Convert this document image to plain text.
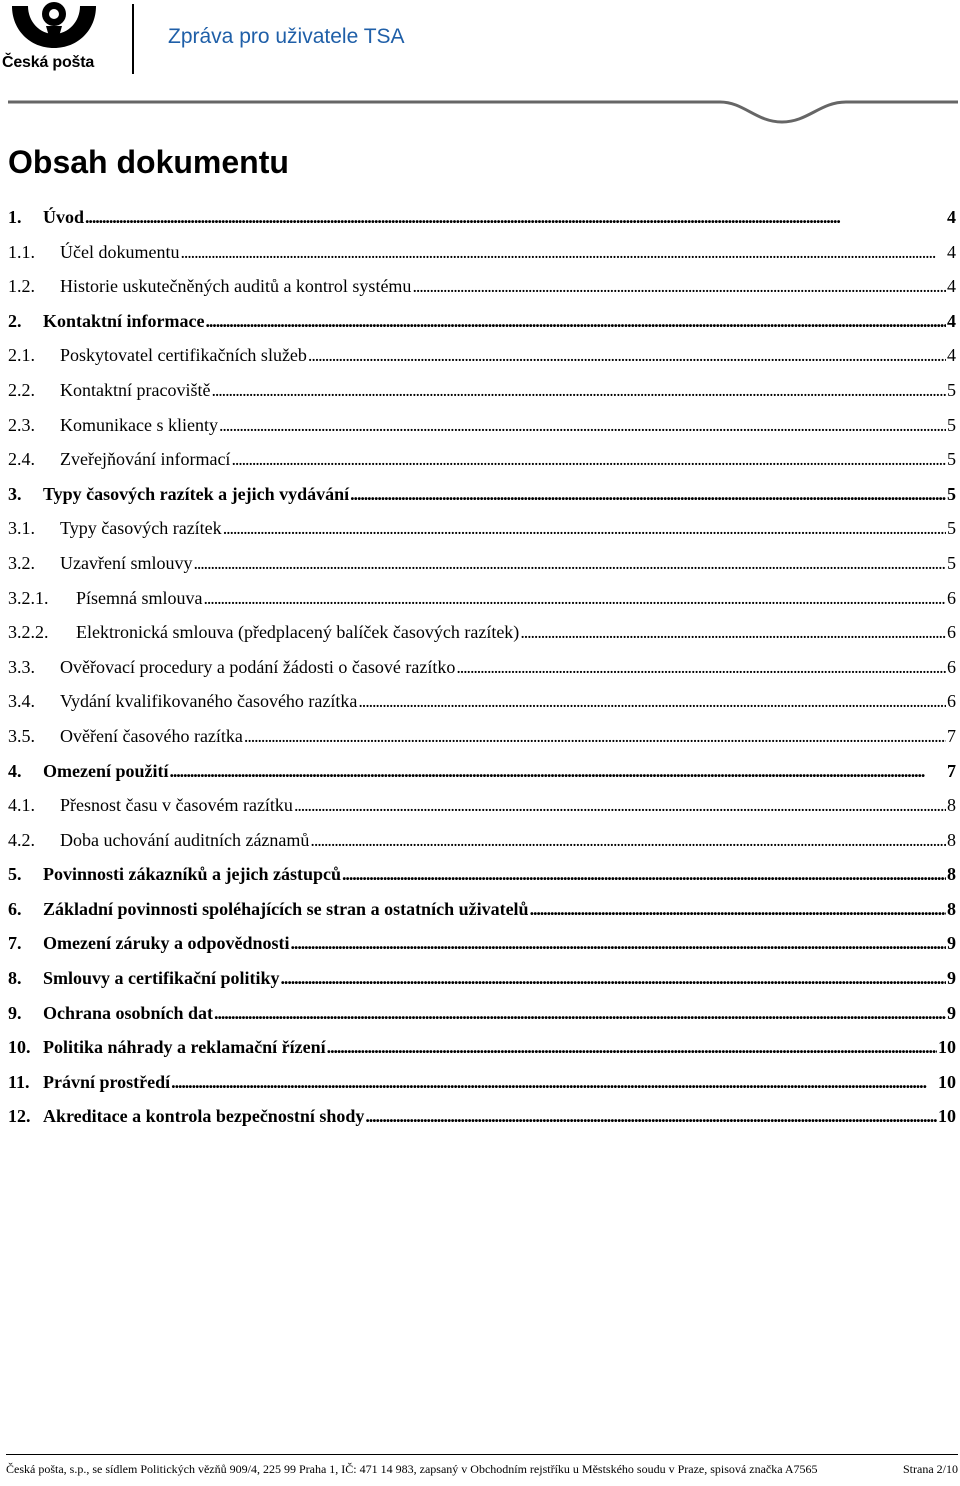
Česká pošta
Zpráva pro uživatele TSA
Obsah dokumentu
1.	Úvod . . .	4
1.1.	Účel dokumentu . . .	4
1.2.	Historie uskutečněných auditů a kontrol systému . . .	4
2.	Kontaktní informace . . .	4
2.1.	Poskytovatel certifikačních služeb . . .	4
2.2.	Kontaktní pracoviště . . .	5
2.3.	Komunikace s klienty . . .	5
2.4.	Zveřejňování informací . . .	5
3.	Typy časových razítek a jejich vydávání . . .	5
3.1.	Typy časových razítek . . .	5
3.2.	Uzavření smlouvy . . .	5
3.2.1.	Písemná smlouva . . .	6
3.2.2.	Elektronická smlouva (předplacený balíček časových razítek) . . .	6
3.3.	Ověřovací procedury a podání žádosti o časové razítko . . .	6
3.4.	Vydání kvalifikovaného časového razítka . . .	6
3.5.	Ověření časového razítka . . .	7
4.	Omezení použití . . .	7
4.1.	Přesnost času v časovém razítku . . .	8
4.2.	Doba uchování auditních záznamů . . .	8
5.	Povinnosti zákazníků a jejich zástupců . . .	8
6.	Základní povinnosti spoléhajících se stran a ostatních uživatelů . . .	8
7.	Omezení záruky a odpovědnosti . . .	9
8.	Smlouvy a certifikační politiky . . .	9
9.	Ochrana osobních dat . . .	9
10. Politika náhrady a reklamační řízení . . .	10
11. Právní prostředí . . .	10
12. Akreditace a kontrola bezpečnostní shody . . .	10
Česká pošta, s.p., se sídlem Politických vězňů 909/4, 225 99 Praha 1, IČ: 471 14 983, zapsaný v Obchodním rejstříku u Městského soudu v Praze, spisová značka A7565	Strana 2/10
